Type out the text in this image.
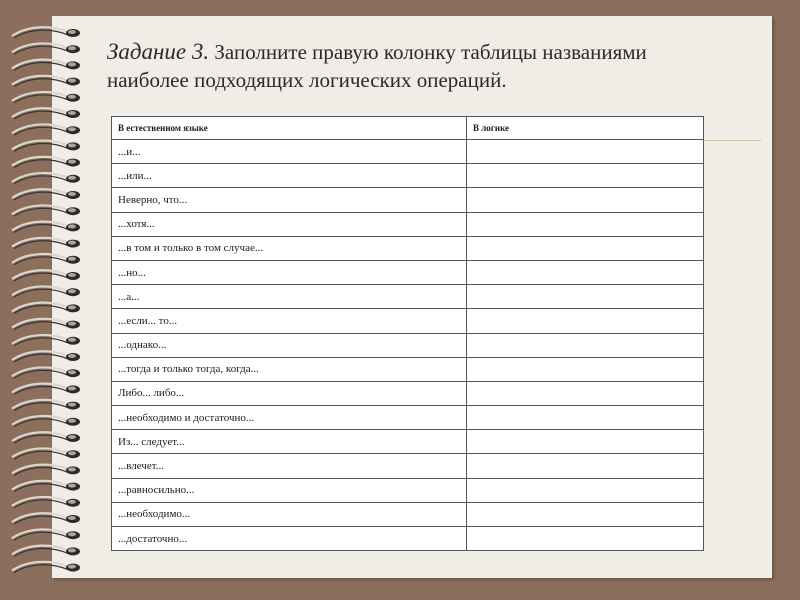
Задание 3. Заполните правую колонку таблицы названиями наиболее подходящих логических операций.
В естественном языке	В логике
...и...	
...или...	
Неверно, что...	
...хотя...	
...в том и только в том случае...	
...но...	
...а...	
...если... то...	
...однако...	
...тогда и только тогда, когда...	
Либо... либо...	
...необходимо и достаточно...	
Из... следует...	
...влечет...	
...равносильно...	
...необходимо...	
...достаточно...	
